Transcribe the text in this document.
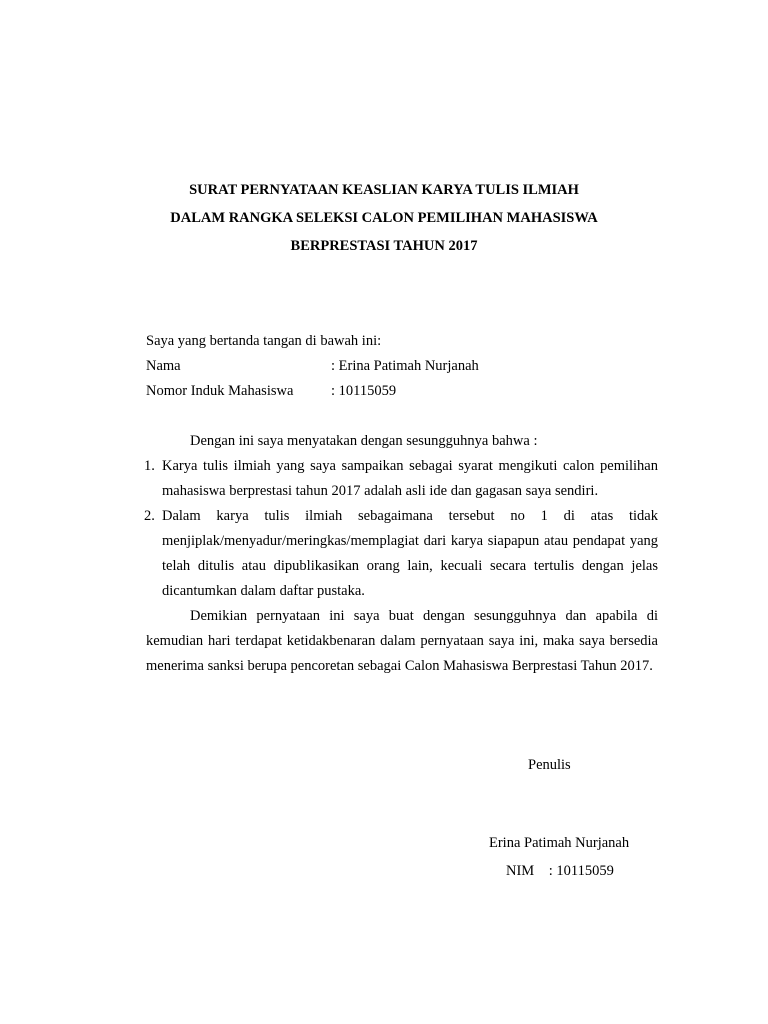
SURAT PERNYATAAN KEASLIAN KARYA TULIS ILMIAH
DALAM RANGKA SELEKSI CALON PEMILIHAN MAHASISWA
BERPRESTASI TAHUN 2017
Saya yang bertanda tangan di bawah ini:
Nama	: Erina Patimah Nurjanah
Nomor Induk Mahasiswa	: 10115059

Dengan ini saya menyatakan dengan sesungguhnya bahwa :

1. Karya tulis ilmiah yang saya sampaikan sebagai syarat mengikuti calon pemilihan mahasiswa berprestasi tahun 2017 adalah asli ide dan gagasan saya sendiri.
2. Dalam karya tulis ilmiah sebagaimana tersebut no 1 di atas tidak menjiplak/menyadur/meringkas/memplagiat dari karya siapapun atau pendapat yang telah ditulis atau dipublikasikan orang lain, kecuali secara tertulis dengan jelas dicantumkan dalam daftar pustaka.

Demikian pernyataan ini saya buat dengan sesungguhnya dan apabila di kemudian hari terdapat ketidakbenaran dalam pernyataan saya ini, maka saya bersedia menerima sanksi berupa pencoretan sebagai Calon Mahasiswa Berprestasi Tahun 2017.

Penulis
Erina Patimah Nurjanah
NIM : 10115059
